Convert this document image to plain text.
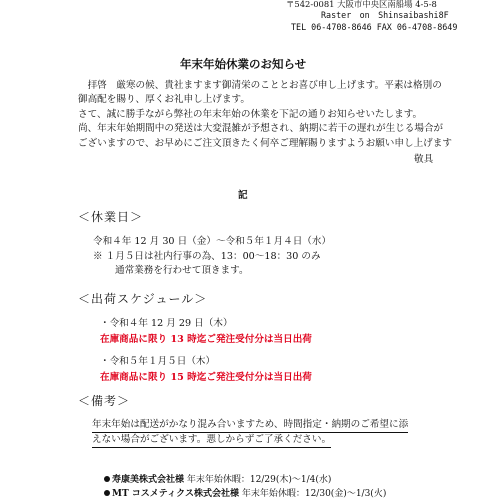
〒542-0081 大阪市中央区南船場 4-5-8
Raster　on　Shinsaibashi8F
TEL 06-4708-8646 FAX 06-4708-8649
年末年始休業のお知らせ
　拝啓　厳寒の候、貴社ますます御清栄のこととお喜び申し上げます。平素は格別の
御高配を賜り、厚くお礼申し上げます。
さて、誠に勝手ながら弊社の年末年始の休業を下記の通りお知らせいたします。
尚、年末年始期間中の発送は大変混雑が予想され、納期に若干の遅れが生じる場合が
ございますので、お早めにご注文頂きたく何卒ご理解賜りますようお願い申し上げます
敬具
記
＜休業日＞
令和４年 12 月 30 日（金）～令和５年１月４日（水）
※ １月５日は社内行事の為、13：00～18：30 のみ
通常業務を行わせて頂きます。
＜出荷スケジュール＞
・令和４年 12 月 29 日（木）
在庫商品に限り 13 時迄ご発注受付分は当日出荷
・令和５年１月５日（木）
在庫商品に限り 15 時迄ご発注受付分は当日出荷
＜備考＞
年末年始は配送がかなり混み合いますため、時間指定・納期のご希望に添
えない場合がございます。悪しからずご了承ください。
寿康美株式会社様 年末年始休暇：12/29(木)～1/4(水)
MT コスメティクス株式会社様 年末年始休暇：12/30(金)～1/3(火)
